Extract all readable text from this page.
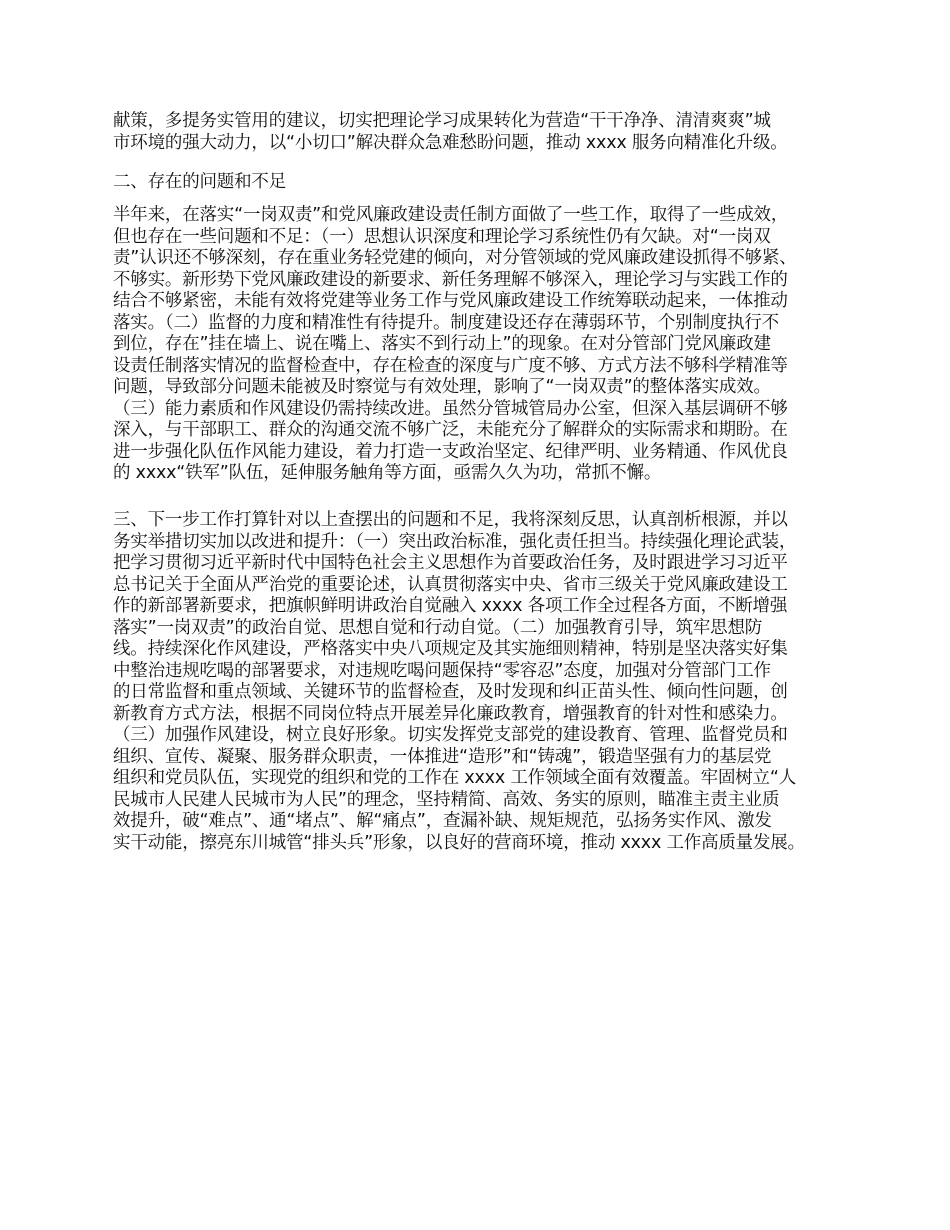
献策，多提务实管用的建议，切实把理论学习成果转化为营造“干干净净、清清爽爽”城
市环境的强大动力，以“小切口”解决群众急难愁盼问题，推动 xxxx 服务向精准化升级。
二、存在的问题和不足
半年来，在落实“一岗双责”和党风廉政建设责任制方面做了一些工作，取得了一些成效，
但也存在一些问题和不足：（一）思想认识深度和理论学习系统性仍有欠缺。对“一岗双
责”认识还不够深刻，存在重业务轻党建的倾向，对分管领域的党风廉政建设抓得不够紧、
不够实。新形势下党风廉政建设的新要求、新任务理解不够深入，理论学习与实践工作的
结合不够紧密，未能有效将党建等业务工作与党风廉政建设工作统筹联动起来，一体推动
落实。（二）监督的力度和精准性有待提升。制度建设还存在薄弱环节，个别制度执行不
到位，存在”挂在墙上、说在嘴上、落实不到行动上”的现象。在对分管部门党风廉政建
设责任制落实情况的监督检查中，存在检查的深度与广度不够、方式方法不够科学精准等
问题，导致部分问题未能被及时察觉与有效处理，影响了“一岗双责”的整体落实成效。
（三）能力素质和作风建设仍需持续改进。虽然分管城管局办公室，但深入基层调研不够
深入，与干部职工、群众的沟通交流不够广泛，未能充分了解群众的实际需求和期盼。在
进一步强化队伍作风能力建设，着力打造一支政治坚定、纪律严明、业务精通、作风优良
的 xxxx“铁军”队伍，延伸服务触角等方面，亟需久久为功，常抓不懈。
三、下一步工作打算针对以上查摆出的问题和不足，我将深刻反思，认真剖析根源，并以
务实举措切实加以改进和提升：（一）突出政治标准，强化责任担当。持续强化理论武装，
把学习贯彻习近平新时代中国特色社会主义思想作为首要政治任务，及时跟进学习习近平
总书记关于全面从严治党的重要论述，认真贯彻落实中央、省市三级关于党风廉政建设工
作的新部署新要求，把旗帜鲜明讲政治自觉融入 xxxx 各项工作全过程各方面，不断增强
落实”一岗双责”的政治自觉、思想自觉和行动自觉。（二）加强教育引导，筑牢思想防
线。持续深化作风建设，严格落实中央八项规定及其实施细则精神，特别是坚决落实好集
中整治违规吃喝的部署要求，对违规吃喝问题保持“零容忍”态度，加强对分管部门工作
的日常监督和重点领域、关键环节的监督检查，及时发现和纠正苗头性、倾向性问题，创
新教育方式方法，根据不同岗位特点开展差异化廉政教育，增强教育的针对性和感染力。
（三）加强作风建设，树立良好形象。切实发挥党支部党的建设教育、管理、监督党员和
组织、宣传、凝聚、服务群众职责，一体推进“造形”和“铸魂”，锻造坚强有力的基层党
组织和党员队伍，实现党的组织和党的工作在 xxxx 工作领域全面有效覆盖。牢固树立“人
民城市人民建人民城市为人民”的理念，坚持精简、高效、务实的原则，瞄准主责主业质
效提升，破“难点”、通“堵点”、解“痛点”，查漏补缺、规矩规范，弘扬务实作风、激发
实干动能，擦亮东川城管“排头兵”形象，以良好的营商环境，推动 xxxx 工作高质量发展。
